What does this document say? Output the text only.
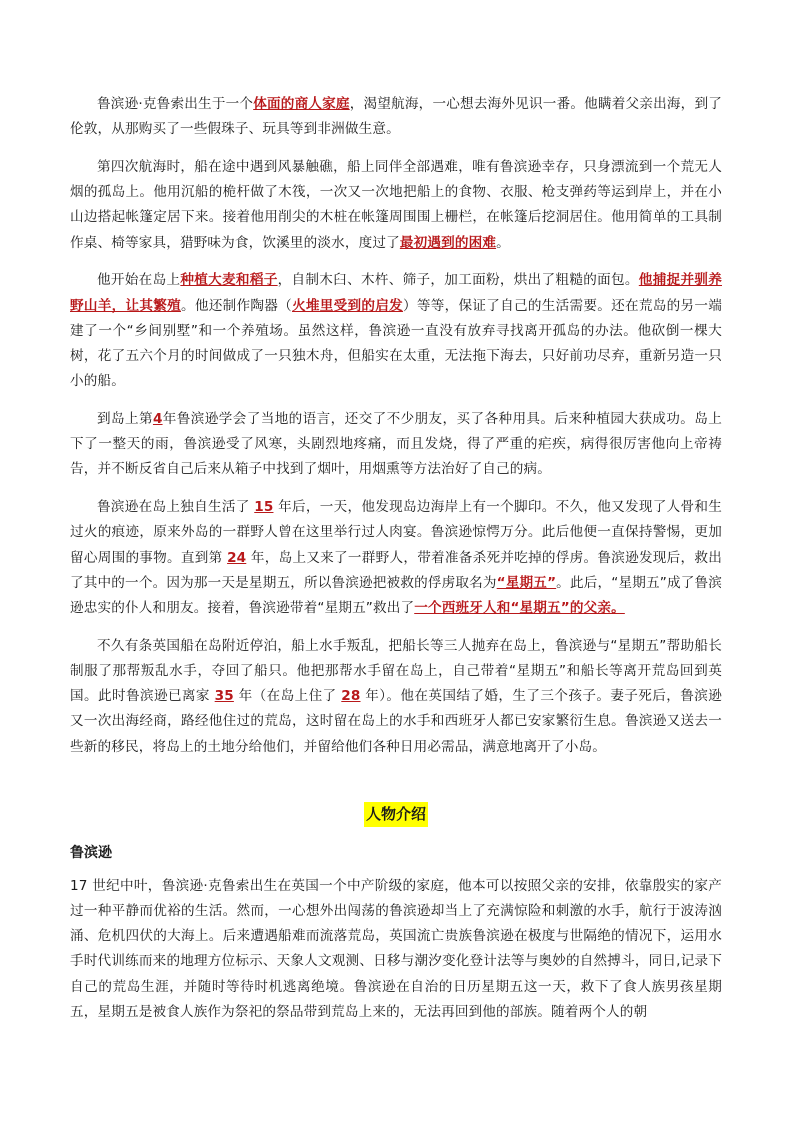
鲁滨逊·克鲁索出生于一个体面的商人家庭，渴望航海，一心想去海外见识一番。他瞒着父亲出海，到了伦敦，从那购买了一些假珠子、玩具等到非洲做生意。

第四次航海时，船在途中遇到风暴触礁，船上同伴全部遇难，唯有鲁滨逊幸存，只身漂流到一个荒无人烟的孤岛上。他用沉船的桅杆做了木筏，一次又一次地把船上的食物、衣服、枪支弹药等运到岸上，并在小山边搭起帐篷定居下来。接着他用削尖的木桩在帐篷周围围上栅栏，在帐篷后挖洞居住。他用简单的工具制作桌、椅等家具，猎野味为食，饮溪里的淡水，度过了最初遇到的困难。

他开始在岛上种植大麦和稻子，自制木臼、木杵、筛子，加工面粉，烘出了粗糙的面包。他捕捉并驯养野山羊，让其繁殖。他还制作陶器（火堆里受到的启发）等等，保证了自己的生活需要。还在荒岛的另一端建了一个“乡间别墅”和一个养殖场。虽然这样，鲁滨逊一直没有放弃寻找离开孤岛的办法。他砍倒一棵大树，花了五六个月的时间做成了一只独木舟，但船实在太重，无法拖下海去，只好前功尽弃，重新另造一只小的船。

到岛上第4年鲁滨逊学会了当地的语言，还交了不少朋友，买了各种用具。后来种植园大获成功。岛上下了一整天的雨，鲁滨逊受了风寒，头剧烈地疼痛，而且发烧，得了严重的疟疾，病得很厉害他向上帝祷告，并不断反省自己后来从箱子中找到了烟叶，用烟熏等方法治好了自己的病。

鲁滨逊在岛上独自生活了 15 年后，一天，他发现岛边海岸上有一个脚印。不久，他又发现了人骨和生过火的痕迹，原来外岛的一群野人曾在这里举行过人肉宴。鲁滨逊惊愕万分。此后他便一直保持警惕，更加留心周围的事物。直到第 24 年，岛上又来了一群野人，带着准备杀死并吃掉的俘虏。鲁滨逊发现后，救出了其中的一个。因为那一天是星期五，所以鲁滨逊把被救的俘虏取名为“星期五”。此后，“星期五”成了鲁滨逊忠实的仆人和朋友。接着，鲁滨逊带着“星期五”救出了一个西班牙人和“星期五”的父亲。

不久有条英国船在岛附近停泊，船上水手叛乱，把船长等三人抛弃在岛上，鲁滨逊与“星期五”帮助船长制服了那帮叛乱水手，夺回了船只。他把那帮水手留在岛上，自己带着“星期五”和船长等离开荒岛回到英国。此时鲁滨逊已离家 35 年（在岛上住了 28 年）。他在英国结了婚，生了三个孩子。妻子死后，鲁滨逊又一次出海经商，路经他住过的荒岛，这时留在岛上的水手和西班牙人都已安家繁衍生息。鲁滨逊又送去一些新的移民，将岛上的土地分给他们，并留给他们各种日用必需品，满意地离开了小岛。

人物介绍
鲁滨逊

17 世纪中叶，鲁滨逊·克鲁索出生在英国一个中产阶级的家庭，他本可以按照父亲的安排，依靠殷实的家产过一种平静而优裕的生活。然而，一心想外出闯荡的鲁滨逊却当上了充满惊险和刺激的水手，航行于波涛汹涌、危机四伏的大海上。后来遭遇船难而流落荒岛，英国流亡贵族鲁滨逊在极度与世隔绝的情况下，运用水手时代训练而来的地理方位标示、天象人文观测、日移与潮汐变化登计法等与奥妙的自然搏斗，同日,记录下自己的荒岛生涯，并随时等待时机逃离绝境。鲁滨逊在自治的日历星期五这一天，救下了食人族男孩星期五，星期五是被食人族作为祭祀的祭品带到荒岛上来的，无法再回到他的部族。随着两个人的朝
